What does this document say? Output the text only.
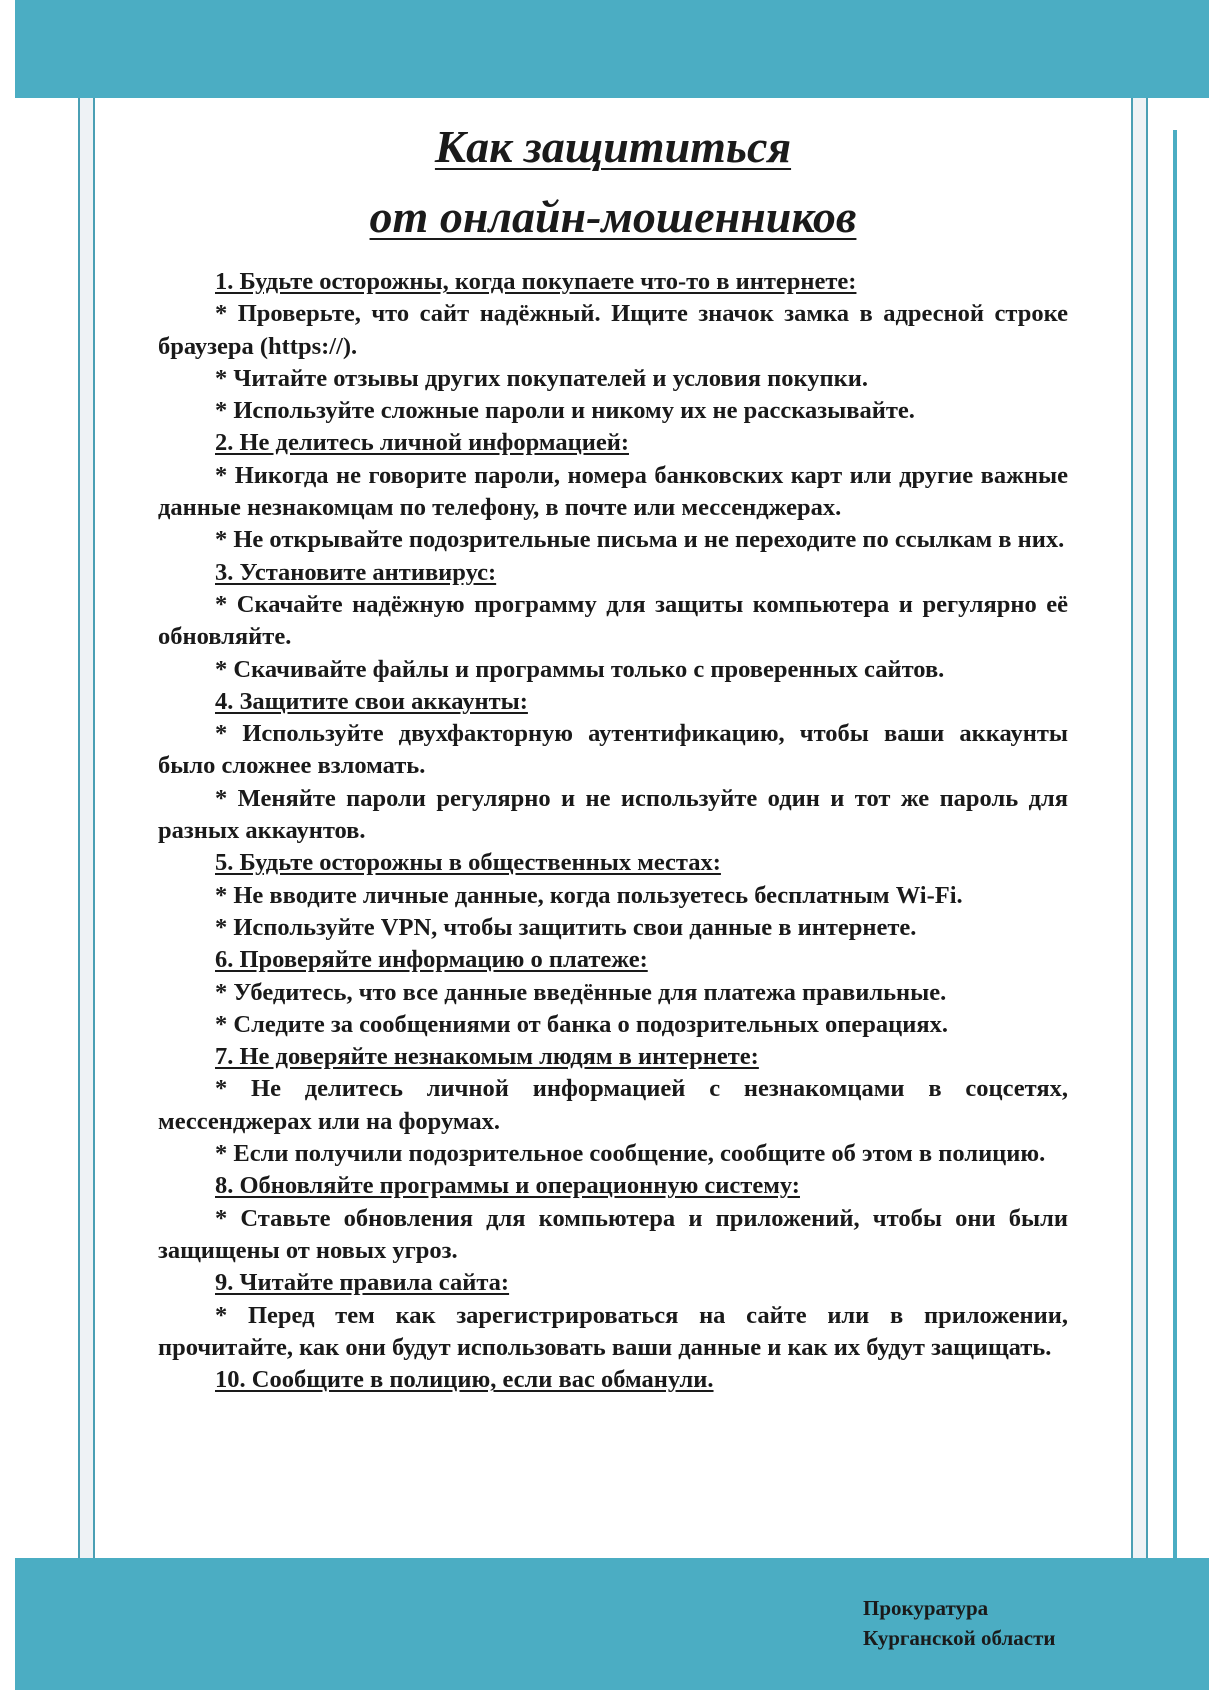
Как защититься
от онлайн-мошенников

1. Будьте осторожны, когда покупаете что-то в интернете:

* Проверьте, что сайт надёжный. Ищите значок замка в адресной строке браузера (https://).

* Читайте отзывы других покупателей и условия покупки.

* Используйте сложные пароли и никому их не рассказывайте.

2. Не делитесь личной информацией:

* Никогда не говорите пароли, номера банковских карт или другие важные данные незнакомцам по телефону, в почте или мессенджерах.

* Не открывайте подозрительные письма и не переходите по ссылкам в них.

3. Установите антивирус:

* Скачайте надёжную программу для защиты компьютера и регулярно её обновляйте.

* Скачивайте файлы и программы только с проверенных сайтов.

4. Защитите свои аккаунты:

* Используйте двухфакторную аутентификацию, чтобы ваши аккаунты было сложнее взломать.

* Меняйте пароли регулярно и не используйте один и тот же пароль для разных аккаунтов.

5. Будьте осторожны в общественных местах:

* Не вводите личные данные, когда пользуетесь бесплатным Wi-Fi.

* Используйте VPN, чтобы защитить свои данные в интернете.

6. Проверяйте информацию о платеже:

* Убедитесь, что все данные введённые для платежа правильные.

* Следите за сообщениями от банка о подозрительных операциях.

7. Не доверяйте незнакомым людям в интернете:

* Не делитесь личной информацией с незнакомцами в соцсетях, мессенджерах или на форумах.

* Если получили подозрительное сообщение, сообщите об этом в полицию.

8. Обновляйте программы и операционную систему:

* Ставьте обновления для компьютера и приложений, чтобы они были защищены от новых угроз.

9. Читайте правила сайта:

* Перед тем как зарегистрироваться на сайте или в приложении, прочитайте, как они будут использовать ваши данные и как их будут защищать.

10. Сообщите в полицию, если вас обманули.

Прокуратура
Курганской области
